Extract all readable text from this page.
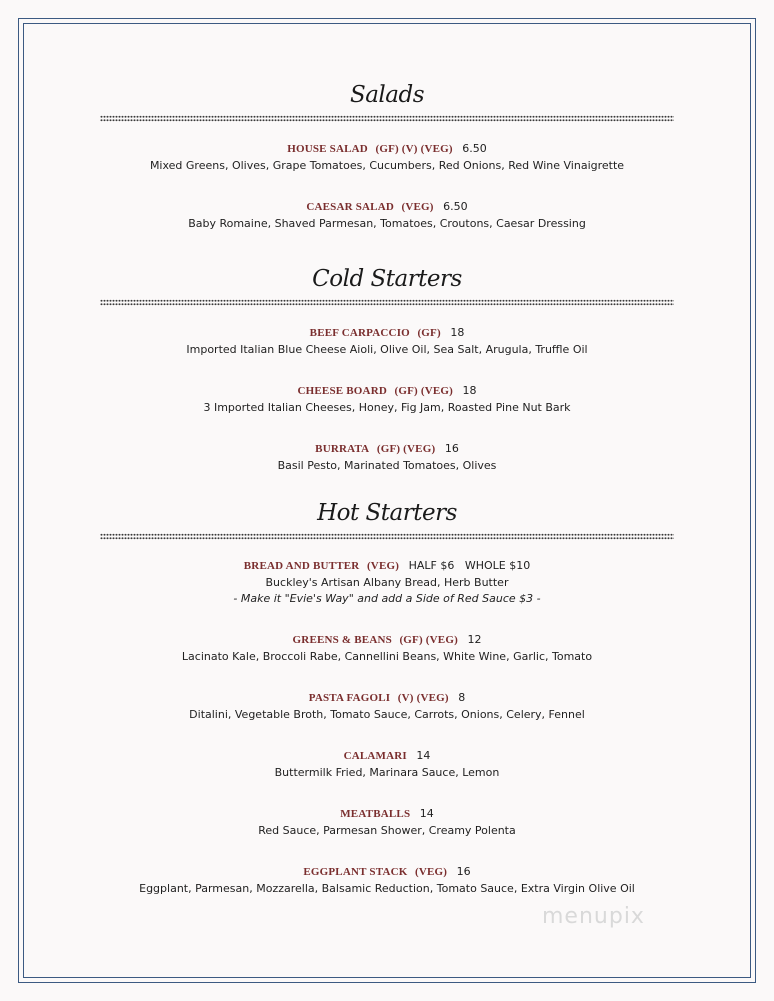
Salads
HOUSE SALAD (GF) (V) (VEG) 6.50
Mixed Greens, Olives, Grape Tomatoes, Cucumbers, Red Onions, Red Wine Vinaigrette
CAESAR SALAD (VEG) 6.50
Baby Romaine, Shaved Parmesan, Tomatoes, Croutons, Caesar Dressing
Cold Starters
BEEF CARPACCIO (GF) 18
Imported Italian Blue Cheese Aioli, Olive Oil, Sea Salt, Arugula, Truffle Oil
CHEESE BOARD (GF) (VEG) 18
3 Imported Italian Cheeses, Honey, Fig Jam, Roasted Pine Nut Bark
BURRATA (GF) (VEG) 16
Basil Pesto, Marinated Tomatoes, Olives
Hot Starters
BREAD AND BUTTER (VEG) HALF $6   WHOLE $10
Buckley's Artisan Albany Bread, Herb Butter
- Make it "Evie's Way" and add a Side of Red Sauce $3 -
GREENS & BEANS (GF) (VEG) 12
Lacinato Kale, Broccoli Rabe, Cannellini Beans, White Wine, Garlic, Tomato
PASTA FAGOLI (V) (VEG) 8
Ditalini, Vegetable Broth, Tomato Sauce, Carrots, Onions, Celery, Fennel
CALAMARI 14
Buttermilk Fried, Marinara Sauce, Lemon
MEATBALLS 14
Red Sauce, Parmesan Shower, Creamy Polenta
EGGPLANT STACK (VEG) 16
Eggplant, Parmesan, Mozzarella, Balsamic Reduction, Tomato Sauce, Extra Virgin Olive Oil
menupix
